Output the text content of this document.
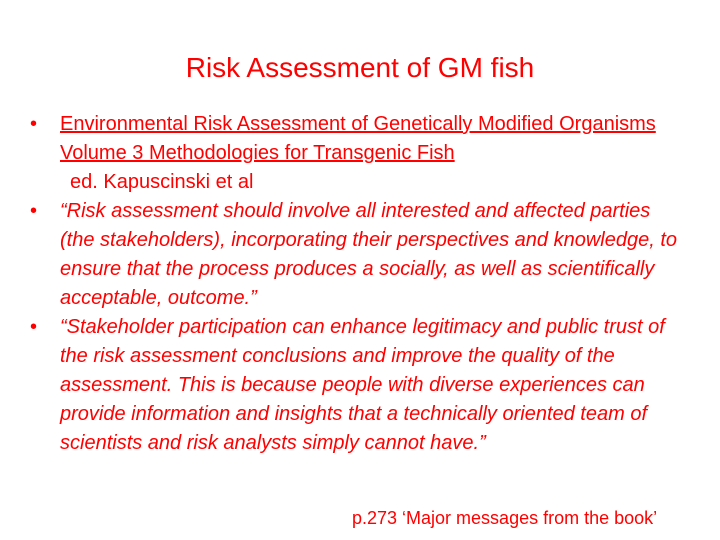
Risk Assessment of GM fish
•	Environmental Risk Assessment of Genetically Modified Organisms Volume 3 Methodologies for Transgenic Fish
ed. Kapuscinski et al
•	“Risk assessment should involve all interested and affected parties (the stakeholders), incorporating their perspectives and knowledge, to ensure that the process produces a socially, as well as scientifically acceptable, outcome.”
•	“Stakeholder participation can enhance legitimacy and public trust of the risk assessment conclusions and improve the quality of the assessment. This is because people with diverse experiences can provide information and insights that a technically oriented team of scientists and risk analysts simply cannot have.”
p.273 ‘Major messages from the book’
